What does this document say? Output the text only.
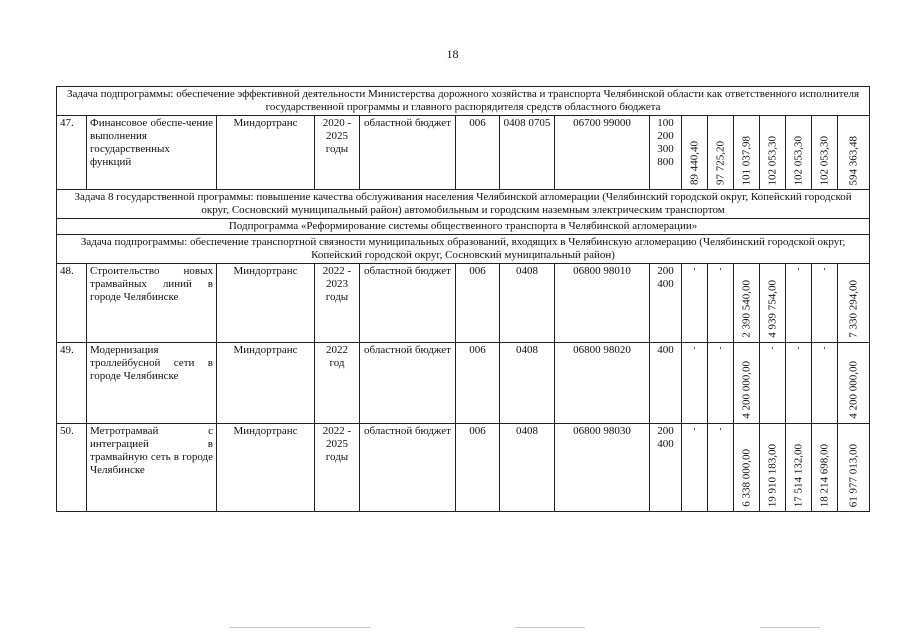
18
Задача подпрограммы: обеспечение эффективной деятельности Министерства дорожного хозяйства и транспорта Челябинской области как ответственного исполнителя государственной программы и главного распорядителя средств областного бюджета															
47.	Финансовое обеспе-чение выполнения государственных функций	Миндортранс	2020 - 2025 годы	областной бюджет	006	0408 0705	06700 99000	100 200 300 800	89 440,40	97 725,20	101 037,98	102 053,30	102 053,30	102 053,30	594 363,48

Задача 8 государственной программы: повышение качества обслуживания населения Челябинской агломерации (Челябинский городской округ, Копейский городской округ, Сосновский муниципальный район) автомобильным и городским наземным электрическим транспортом															
Подпрограмма «Реформирование системы общественного транспорта в Челябинской агломерации»															
Задача подпрограммы: обеспечение транспортной связности муниципальных образований, входящих в Челябинскую агломерацию (Челябинский городской округ, Копейский городской округ, Сосновский муниципальный район)															
48.	Строительство новых трамвайных линий в городе Челябинске	Миндортранс	2022 - 2023 годы	областной бюджет	006	0408	06800 98010	200 400	'	'	2 390 540,00	4 939 754,00	'	'	7 330 294,00

49.	Модернизация троллейбусной сети в городе Челябинске	Миндортранс	2022 год	областной бюджет	006	0408	06800 98020	400	'	'	4 200 000,00	'	'	'	4 200 000,00

50.	Метротрамвай с интеграцией в трамвайную сеть в городе Челябинске	Миндортранс	2022 - 2025 годы	областной бюджет	006	0408	06800 98030	200 400	'	'	6 338 000,00	19 910 183,00	17 514 132,00	18 214 698,00	61 977 013,00
